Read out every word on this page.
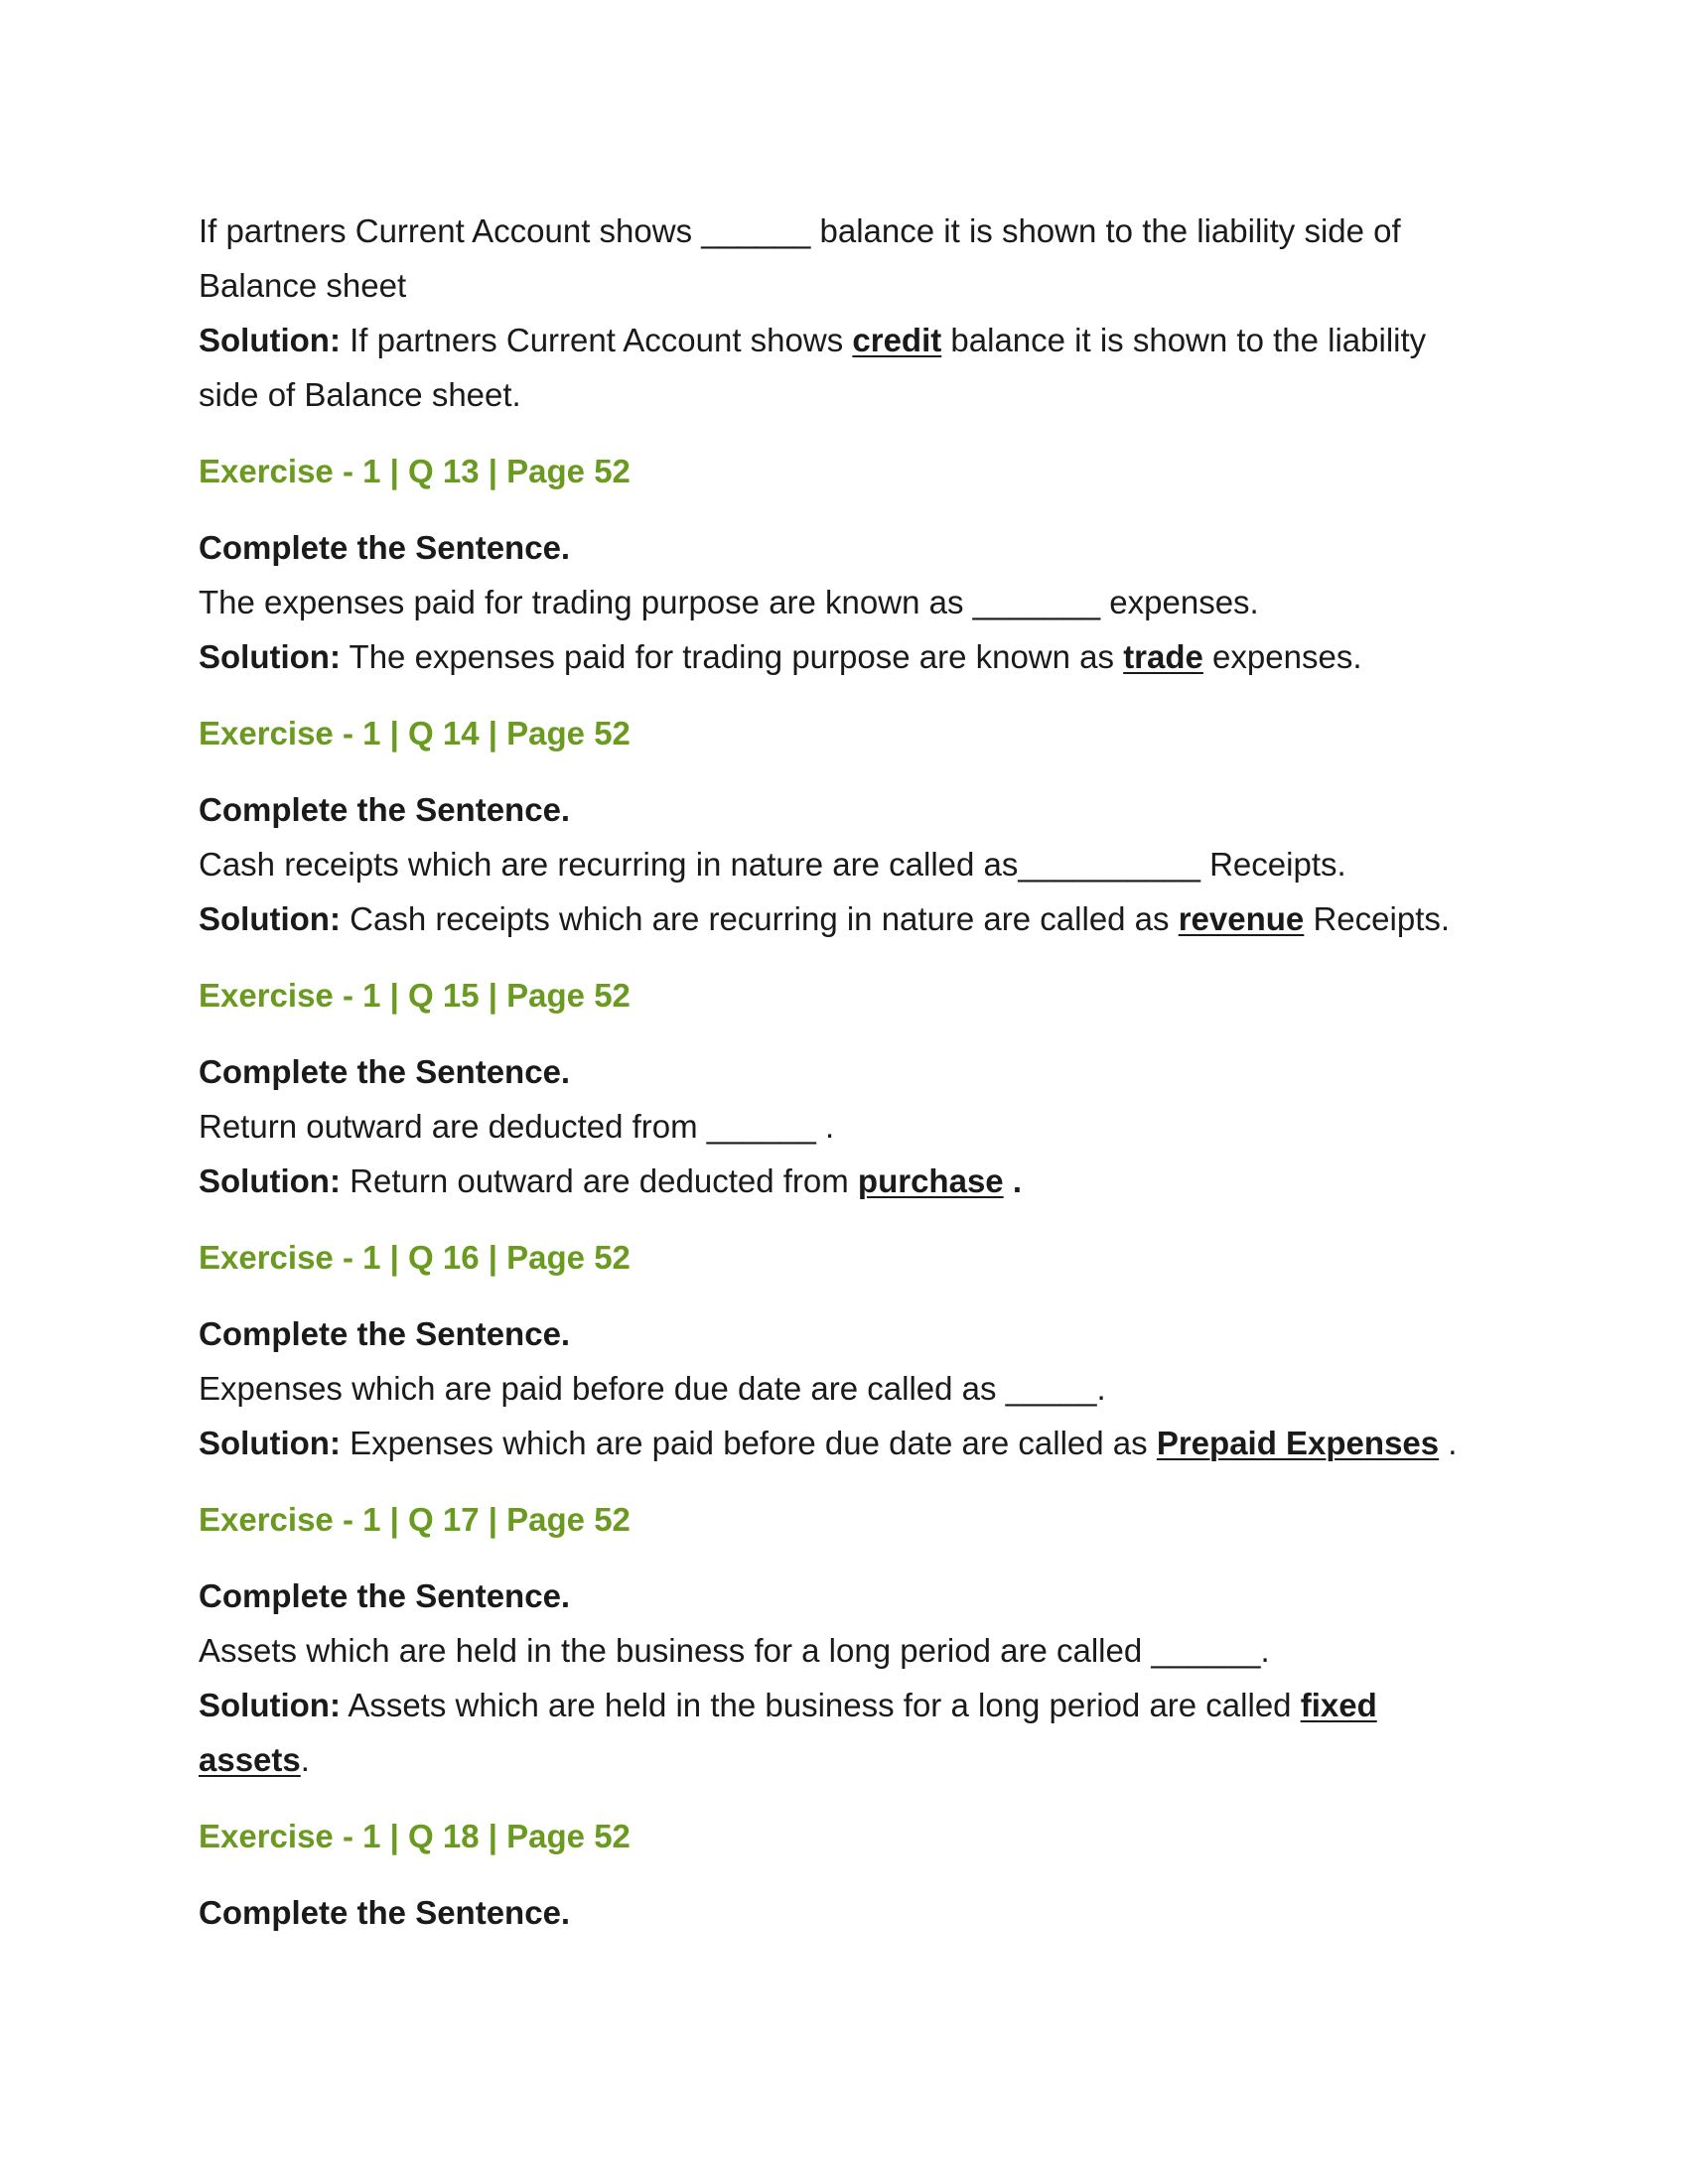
If partners Current Account shows ______ balance it is shown to the liability side of Balance sheet

Solution: If partners Current Account shows credit balance it is shown to the liability side of Balance sheet.

Exercise - 1 | Q 13 | Page 52

Complete the Sentence.

The expenses paid for trading purpose are known as _______ expenses.

Solution: The expenses paid for trading purpose are known as trade expenses.

Exercise - 1 | Q 14 | Page 52

Complete the Sentence.

Cash receipts which are recurring in nature are called as__________ Receipts.

Solution: Cash receipts which are recurring in nature are called as revenue Receipts.

Exercise - 1 | Q 15 | Page 52

Complete the Sentence.

Return outward are deducted from ______ .

Solution: Return outward are deducted from purchase .

Exercise - 1 | Q 16 | Page 52

Complete the Sentence.

Expenses which are paid before due date are called as _____.

Solution: Expenses which are paid before due date are called as Prepaid Expenses .

Exercise - 1 | Q 17 | Page 52

Complete the Sentence.

Assets which are held in the business for a long period are called ______.

Solution: Assets which are held in the business for a long period are called fixed assets.

Exercise - 1 | Q 18 | Page 52

Complete the Sentence.
